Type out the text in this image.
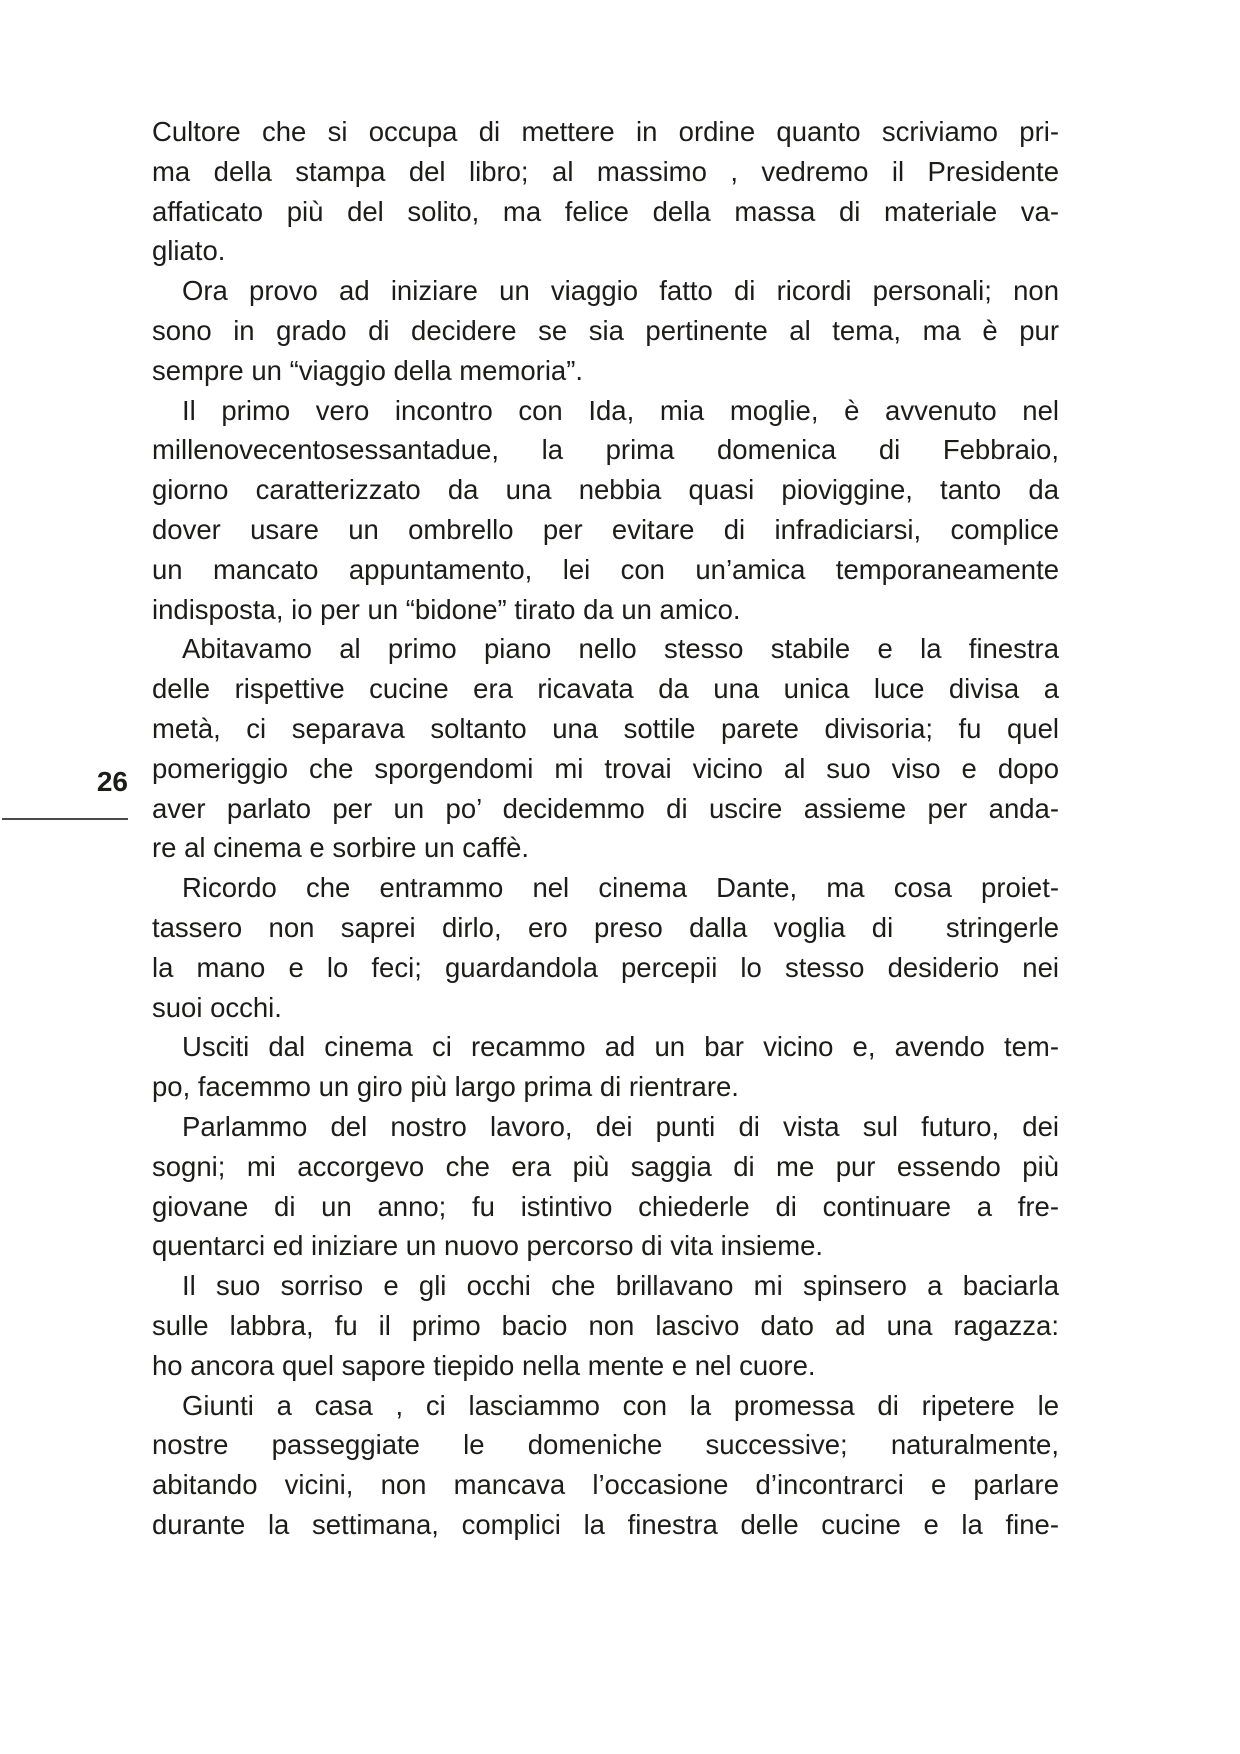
26
Cultore che si occupa di mettere in ordine quanto scriviamo pri-
ma della stampa del libro; al massimo , vedremo il Presidente
affaticato più del solito, ma felice della massa di materiale va-
gliato.
Ora provo ad iniziare un viaggio fatto di ricordi personali; non
sono in grado di decidere se sia pertinente al tema, ma è pur
sempre un “viaggio della memoria”.
Il primo vero incontro con Ida, mia moglie, è avvenuto nel
millenovecentosessantadue, la prima domenica di Febbraio,
giorno caratterizzato da una nebbia quasi pioviggine, tanto da
dover usare un ombrello per evitare di infradiciarsi, complice
un mancato appuntamento, lei con un’amica temporaneamente
indisposta, io per un “bidone” tirato da un amico.
Abitavamo al primo piano nello stesso stabile e la finestra
delle rispettive cucine era ricavata da una unica luce divisa a
metà, ci separava soltanto una sottile parete divisoria; fu quel
pomeriggio che sporgendomi mi trovai vicino al suo viso e dopo
aver parlato per un po’ decidemmo di uscire assieme per anda-
re al cinema e sorbire un caffè.
Ricordo che entrammo nel cinema Dante, ma cosa proiet-
tassero non saprei dirlo, ero preso dalla voglia di  stringerle
la mano e lo feci; guardandola percepii lo stesso desiderio nei
suoi occhi.
Usciti dal cinema ci recammo ad un bar vicino e, avendo tem-
po, facemmo un giro più largo prima di rientrare.
Parlammo del nostro lavoro, dei punti di vista sul futuro, dei
sogni; mi accorgevo che era più saggia di me pur essendo più
giovane di un anno; fu istintivo chiederle di continuare a fre-
quentarci ed iniziare un nuovo percorso di vita insieme.
Il suo sorriso e gli occhi che brillavano mi spinsero a baciarla
sulle labbra, fu il primo bacio non lascivo dato ad una ragazza:
ho ancora quel sapore tiepido nella mente e nel cuore.
Giunti a casa , ci lasciammo con la promessa di ripetere le
nostre passeggiate le domeniche successive; naturalmente,
abitando vicini, non mancava l’occasione d’incontrarci e parlare
durante la settimana, complici la finestra delle cucine e la fine-
